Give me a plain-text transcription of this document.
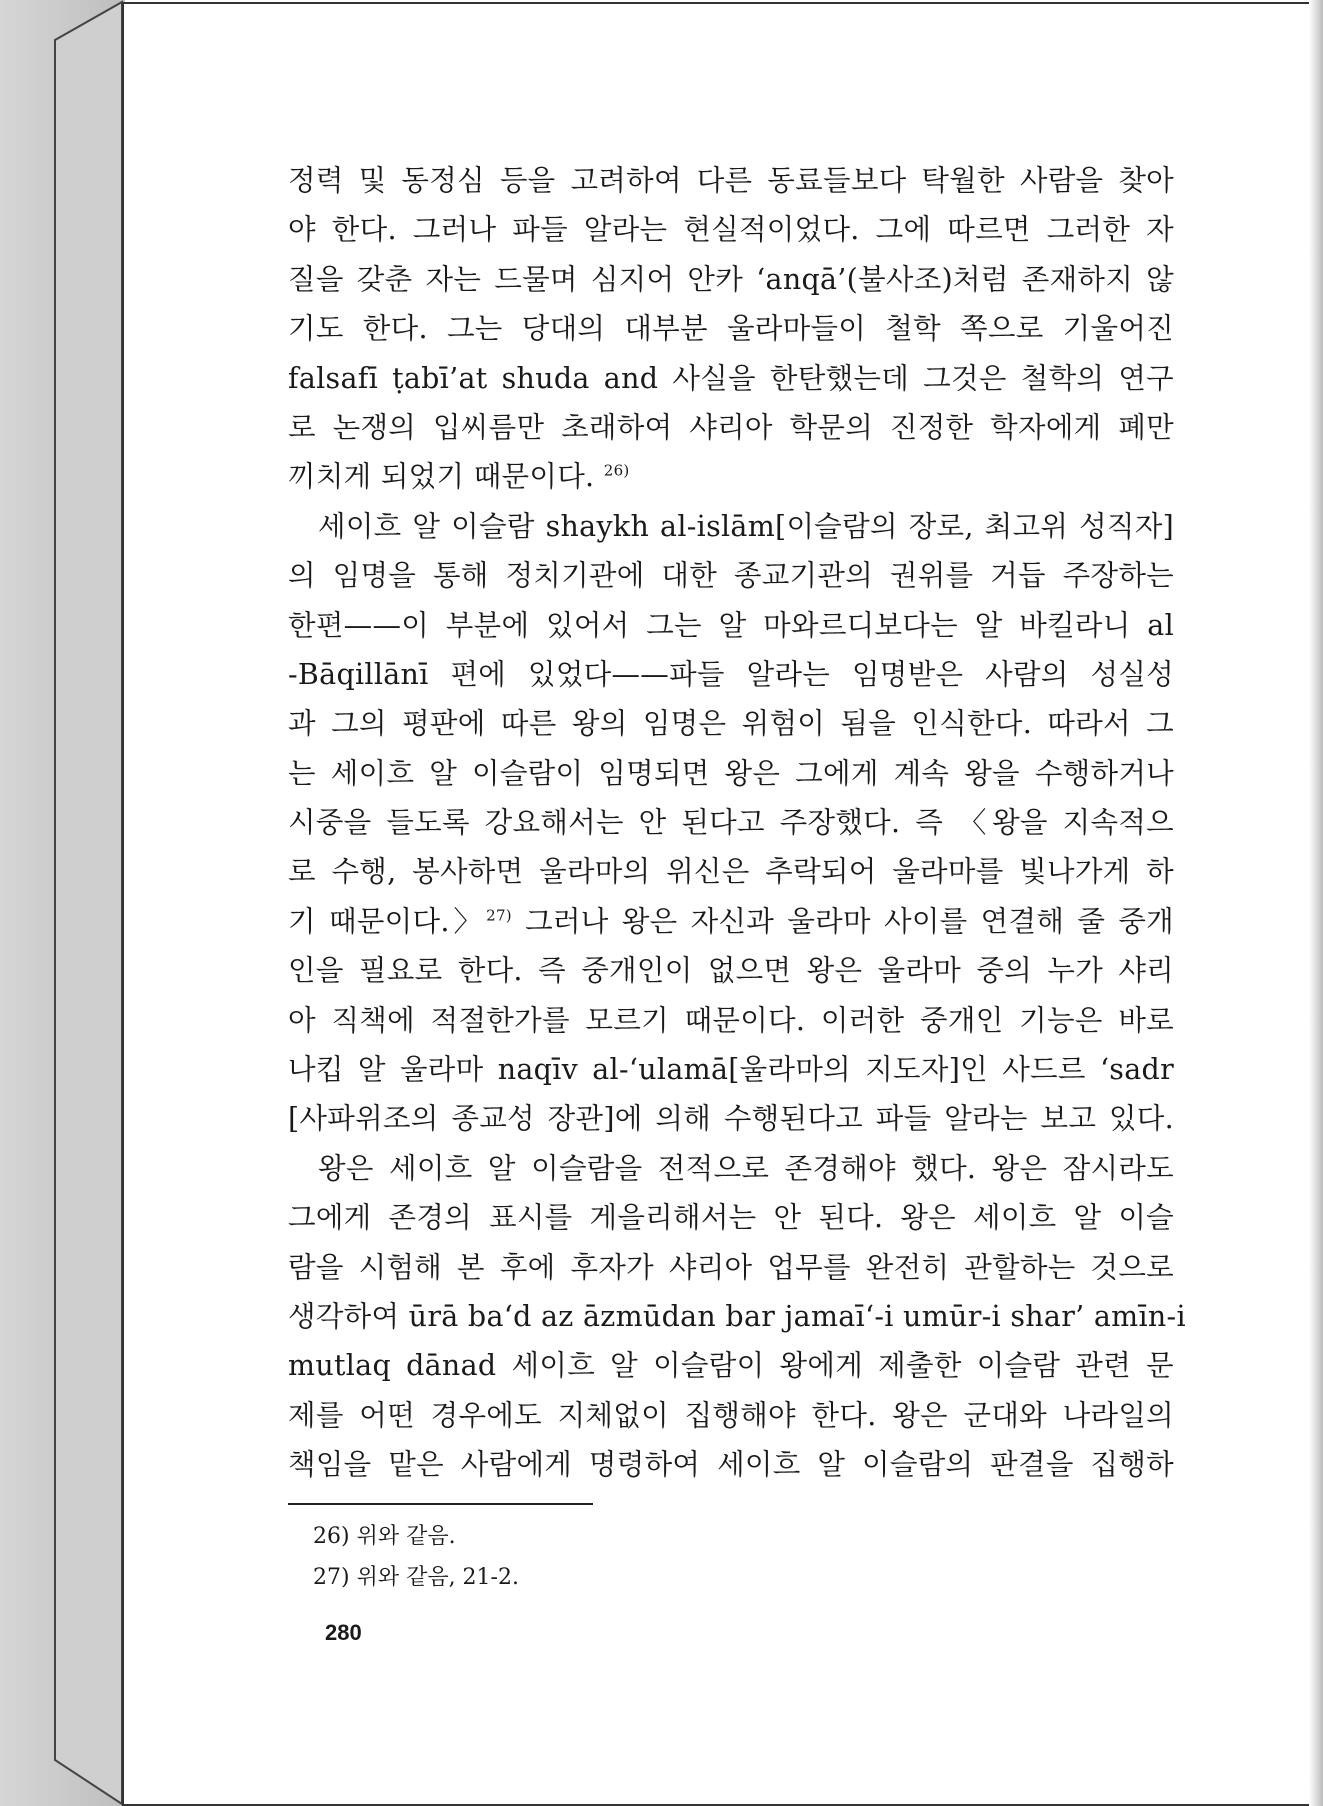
정력 및 동정심 등을 고려하여 다른 동료들보다 탁월한 사람을 찾아
야 한다. 그러나 파들 알라는 현실적이었다. 그에 따르면 그러한 자
질을 갖춘 자는 드물며 심지어 안카 ‘anqā’(불사조)처럼 존재하지 않
기도 한다. 그는 당대의 대부분 울라마들이 철학 쪽으로 기울어진
falsafī ṭabī’at shuda and 사실을 한탄했는데 그것은 철학의 연구
로 논쟁의 입씨름만 초래하여 샤리아 학문의 진정한 학자에게 폐만
끼치게 되었기 때문이다. $^{26)}$
세이흐 알 이슬람 shaykh al-islām[이슬람의 장로, 최고위 성직자]
의 임명을 통해 정치기관에 대한 종교기관의 권위를 거듭 주장하는
한편——이 부분에 있어서 그는 알 마와르디보다는 알 바킬라니 al
-Bāqillānī 편에 있었다——파들 알라는 임명받은 사람의 성실성
과 그의 평판에 따른 왕의 임명은 위험이 됨을 인식한다. 따라서 그
는 세이흐 알 이슬람이 임명되면 왕은 그에게 계속 왕을 수행하거나
시중을 들도록 강요해서는 안 된다고 주장했다. 즉 〈왕을 지속적으
로 수행, 봉사하면 울라마의 위신은 추락되어 울라마를 빛나가게 하
기 때문이다.〉$^{27)}$ 그러나 왕은 자신과 울라마 사이를 연결해 줄 중개
인을 필요로 한다. 즉 중개인이 없으면 왕은 울라마 중의 누가 샤리
아 직책에 적절한가를 모르기 때문이다. 이러한 중개인 기능은 바로
나킵 알 울라마 naqīv al-‘ulamā[울라마의 지도자]인 사드르 ‘sadr
[사파위조의 종교성 장관]에 의해 수행된다고 파들 알라는 보고 있다.
왕은 세이흐 알 이슬람을 전적으로 존경해야 했다. 왕은 잠시라도
그에게 존경의 표시를 게을리해서는 안 된다. 왕은 세이흐 알 이슬
람을 시험해 본 후에 후자가 샤리아 업무를 완전히 관할하는 것으로
생각하여 ūrā ba‘d az āzmūdan bar jamaī‘-i umūr-i shar’ amīn-i
mutlaq dānad 세이흐 알 이슬람이 왕에게 제출한 이슬람 관련 문
제를 어떤 경우에도 지체없이 집행해야 한다. 왕은 군대와 나라일의
책임을 맡은 사람에게 명령하여 세이흐 알 이슬람의 판결을 집행하
26) 위와 같음.
27) 위와 같음, 21-2.
280
